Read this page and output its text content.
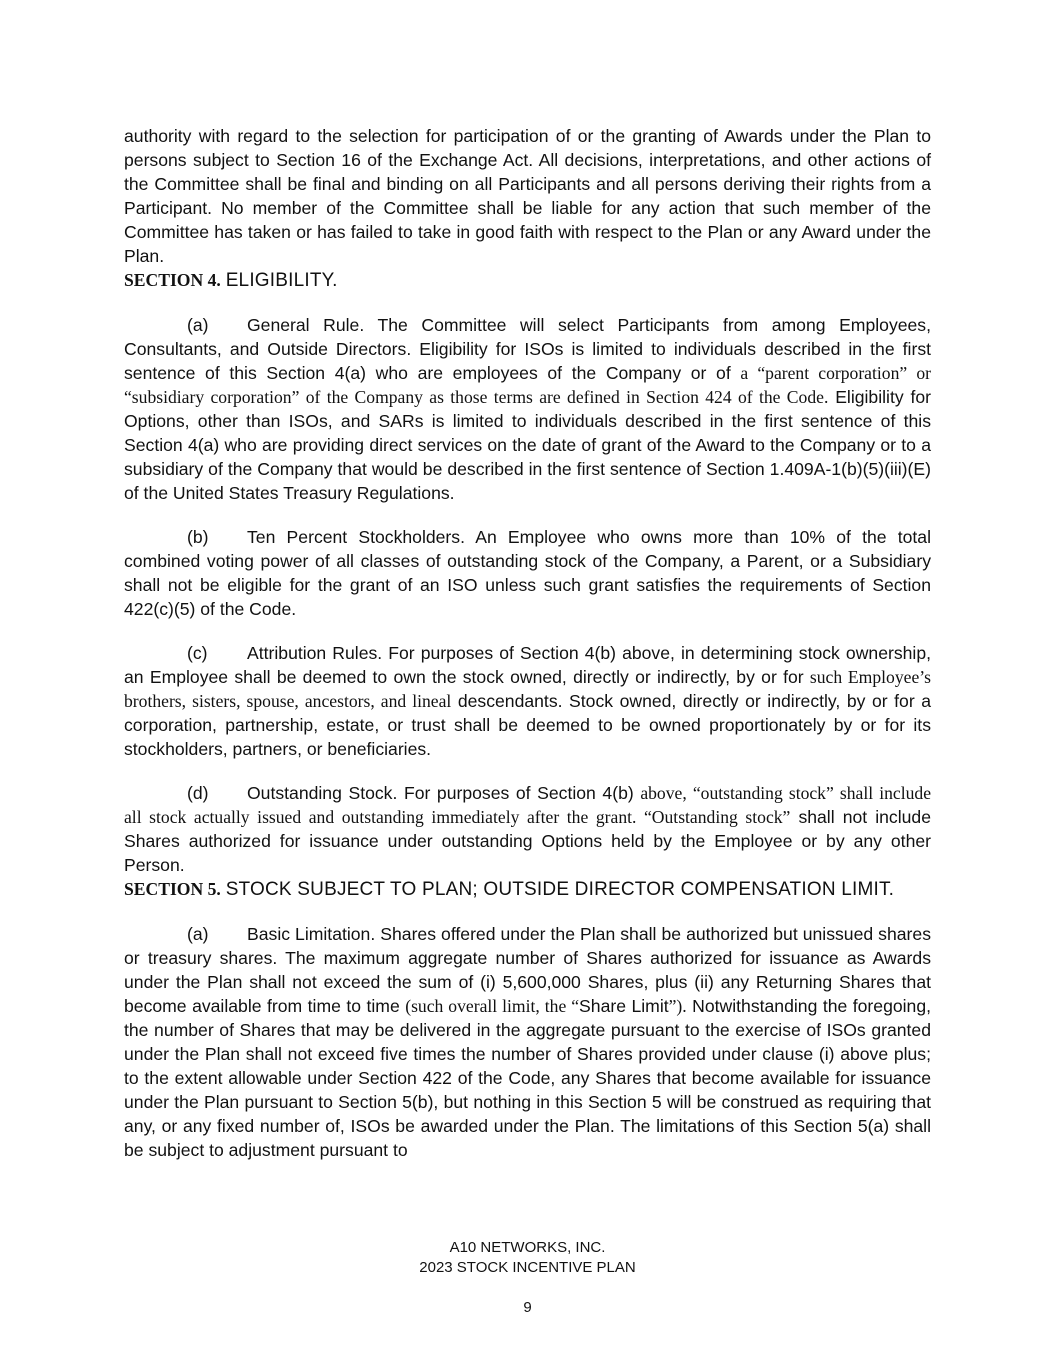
authority with regard to the selection for participation of or the granting of Awards under the Plan to persons subject to Section 16 of the Exchange Act. All decisions, interpretations, and other actions of the Committee shall be final and binding on all Participants and all persons deriving their rights from a Participant. No member of the Committee shall be liable for any action that such member of the Committee has taken or has failed to take in good faith with respect to the Plan or any Award under the Plan.

SECTION 4. ELIGIBILITY.

(a) General Rule. The Committee will select Participants from among Employees, Consultants, and Outside Directors. Eligibility for ISOs is limited to individuals described in the first sentence of this Section 4(a) who are employees of the Company or of a “parent corporation” or “subsidiary corporation” of the Company as those terms are defined in Section 424 of the Code. Eligibility for Options, other than ISOs, and SARs is limited to individuals described in the first sentence of this Section 4(a) who are providing direct services on the date of grant of the Award to the Company or to a subsidiary of the Company that would be described in the first sentence of Section 1.409A-1(b)(5)(iii)(E) of the United States Treasury Regulations.

(b) Ten Percent Stockholders. An Employee who owns more than 10% of the total combined voting power of all classes of outstanding stock of the Company, a Parent, or a Subsidiary shall not be eligible for the grant of an ISO unless such grant satisfies the requirements of Section 422(c)(5) of the Code.

(c) Attribution Rules. For purposes of Section 4(b) above, in determining stock ownership, an Employee shall be deemed to own the stock owned, directly or indirectly, by or for such Employee’s brothers, sisters, spouse, ancestors, and lineal descendants. Stock owned, directly or indirectly, by or for a corporation, partnership, estate, or trust shall be deemed to be owned proportionately by or for its stockholders, partners, or beneficiaries.

(d) Outstanding Stock. For purposes of Section 4(b) above, “outstanding stock” shall include all stock actually issued and outstanding immediately after the grant. “Outstanding stock” shall not include Shares authorized for issuance under outstanding Options held by the Employee or by any other Person.

SECTION 5. STOCK SUBJECT TO PLAN; OUTSIDE DIRECTOR COMPENSATION LIMIT.

(a) Basic Limitation. Shares offered under the Plan shall be authorized but unissued shares or treasury shares. The maximum aggregate number of Shares authorized for issuance as Awards under the Plan shall not exceed the sum of (i) 5,600,000 Shares, plus (ii) any Returning Shares that become available from time to time (such overall limit, the “Share Limit”). Notwithstanding the foregoing, the number of Shares that may be delivered in the aggregate pursuant to the exercise of ISOs granted under the Plan shall not exceed five times the number of Shares provided under clause (i) above plus; to the extent allowable under Section 422 of the Code, any Shares that become available for issuance under the Plan pursuant to Section 5(b), but nothing in this Section 5 will be construed as requiring that any, or any fixed number of, ISOs be awarded under the Plan. The limitations of this Section 5(a) shall be subject to adjustment pursuant to

A10 NETWORKS, INC.
2023 STOCK INCENTIVE PLAN
9
